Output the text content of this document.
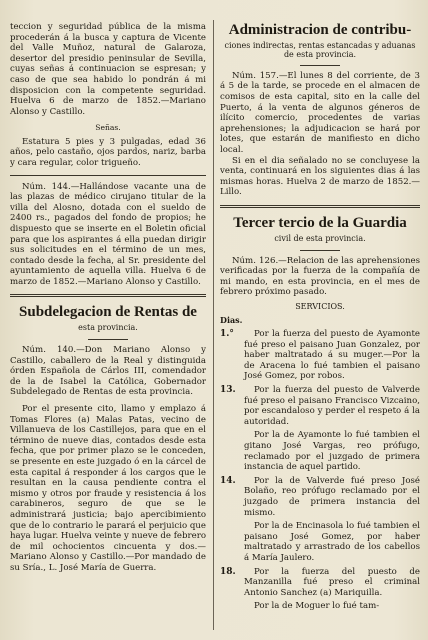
teccion y seguridad pública de la misma procederán á la busca y captura de Vicente del Valle Muñoz, natural de Galaroza, desertor del presidio peninsular de Sevilla, cuyas señas á continuacion se espresan; y caso de que sea habido lo pondrán á mi disposicion con la competente seguridad. Huelva 6 de marzo de 1852.—Mariano Alonso y Castillo.

Señas.

Estatura 5 pies y 3 pulgadas, edad 36 años, pelo castaño, ojos pardos, nariz, barba y cara regular, color trigueño.

Núm. 144.—Hallándose vacante una de las plazas de médico cirujano titular de la villa del Alosno, dotada con el sueldo de 2400 rs., pagados del fondo de propios; he dispuesto que se inserte en el Boletin oficial para que los aspirantes á ella puedan dirigir sus solicitudes en el término de un mes, contado desde la fecha, al Sr. presidente del ayuntamiento de aquella villa. Huelva 6 de marzo de 1852.—Mariano Alonso y Castillo.

Subdelegacion de Rentas de
esta provincia.

Núm. 140.—Don Mariano Alonso y Castillo, caballero de la Real y distinguida órden Española de Cárlos III, comendador de la de Isabel la Católica, Gobernador Subdelegado de Rentas de esta provincia.

Por el presente cito, llamo y emplazo á Tomas Flores (a) Malas Patas, vecino de Villanueva de los Castillejos, para que en el término de nueve dias, contados desde esta fecha, que por primer plazo se le conceden, se presente en este juzgado ó en la cárcel de esta capital á responder á los cargos que le resultan en la causa pendiente contra el mismo y otros por fraude y resistencia á los carabineros, seguro de que se le administrará justicia; bajo apercibimiento que de lo contrario le parará el perjuicio que haya lugar. Huelva veinte y nueve de febrero de mil ochocientos cincuenta y dos.—Mariano Alonso y Castillo.—Por mandado de su Sría., L. José María de Guerra.

Administracion de contribu-
ciones indirectas, rentas estancadas y aduanas de esta provincia.

Núm. 157.—El lunes 8 del corriente, de 3 á 5 de la tarde, se procede en el almacen de comisos de esta capital, sito en la calle del Puerto, á la venta de algunos géneros de ilícito comercio, procedentes de varias aprehensiones; la adjudicacion se hará por lotes, que estarán de manifiesto en dicho local.

Si en el dia señalado no se concluyese la venta, continuará en los siguientes dias á las mismas horas. Huelva 2 de marzo de 1852.—Lillo.

Tercer tercio de la Guardia
civil de esta provincia.

Núm. 126.—Relacion de las aprehensiones verificadas por la fuerza de la compañía de mi mando, en esta provincia, en el mes de febrero próximo pasado.

SERVICIOS.

Dias.

1.°	Por la fuerza del puesto de Ayamonte fué preso el paisano Juan Gonzalez, por haber maltratado á su muger.—Por la de Aracena lo fué tambien el paisano José Gomez, por robos.
13.	Por la fuerza del puesto de Valverde fué preso el paisano Francisco Vizcaino, por escandaloso y perder el respeto á la autoridad.
Por la de Ayamonte lo fué tambien el gitano José Vargas, reo prófugo, reclamado por el juzgado de primera instancia de aquel partido.
14.	Por la de Valverde fué preso José Bolaño, reo prófugo reclamado por el juzgado de primera instancia del mismo.
Por la de Encinasola lo fué tambien el paisano José Gomez, por haber maltratado y arrastrado de los cabellos á María Jaulero.
18.	Por la fuerza del puesto de Manzanilla fué preso el criminal Antonio Sanchez (a) Mariquilla.
Por la de Moguer lo fué tam-
